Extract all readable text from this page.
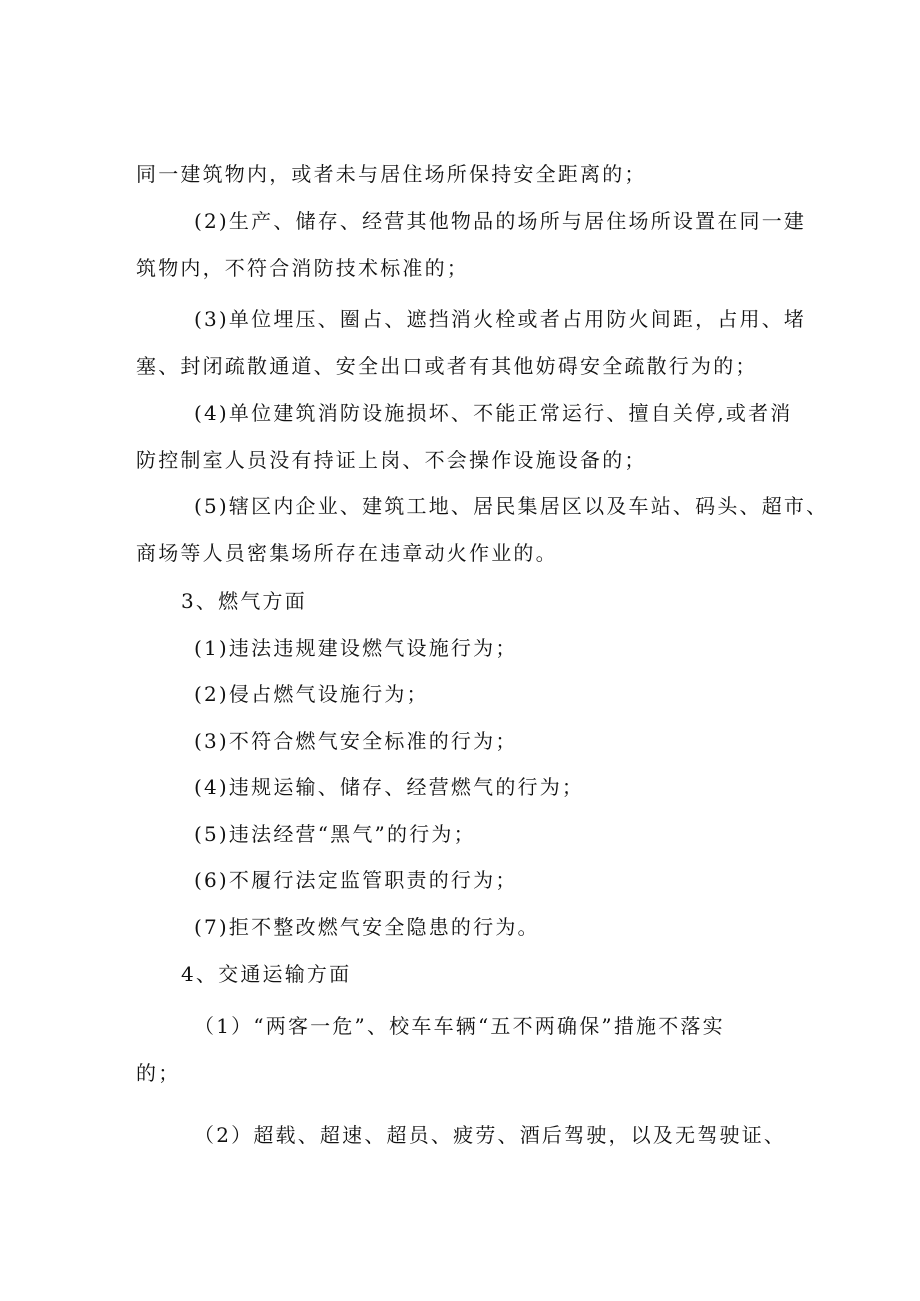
同一建筑物内，或者未与居住场所保持安全距离的；
(2)生产、储存、经营其他物品的场所与居住场所设置在同一建
筑物内，不符合消防技术标准的；
(3)单位埋压、圈占、遮挡消火栓或者占用防火间距，占用、堵
塞、封闭疏散通道、安全出口或者有其他妨碍安全疏散行为的；
(4)单位建筑消防设施损坏、不能正常运行、擅自关停,或者消
防控制室人员没有持证上岗、不会操作设施设备的；
(5)辖区内企业、建筑工地、居民集居区以及车站、码头、超市、
商场等人员密集场所存在违章动火作业的。
3、燃气方面
(1)违法违规建设燃气设施行为；
(2)侵占燃气设施行为；
(3)不符合燃气安全标准的行为；
(4)违规运输、储存、经营燃气的行为；
(5)违法经营“黑气”的行为；
(6)不履行法定监管职责的行为；
(7)拒不整改燃气安全隐患的行为。
4、交通运输方面
（1）“两客一危”、校车车辆“五不两确保”措施不落实
的；
（2）超载、超速、超员、疲劳、酒后驾驶，以及无驾驶证、
